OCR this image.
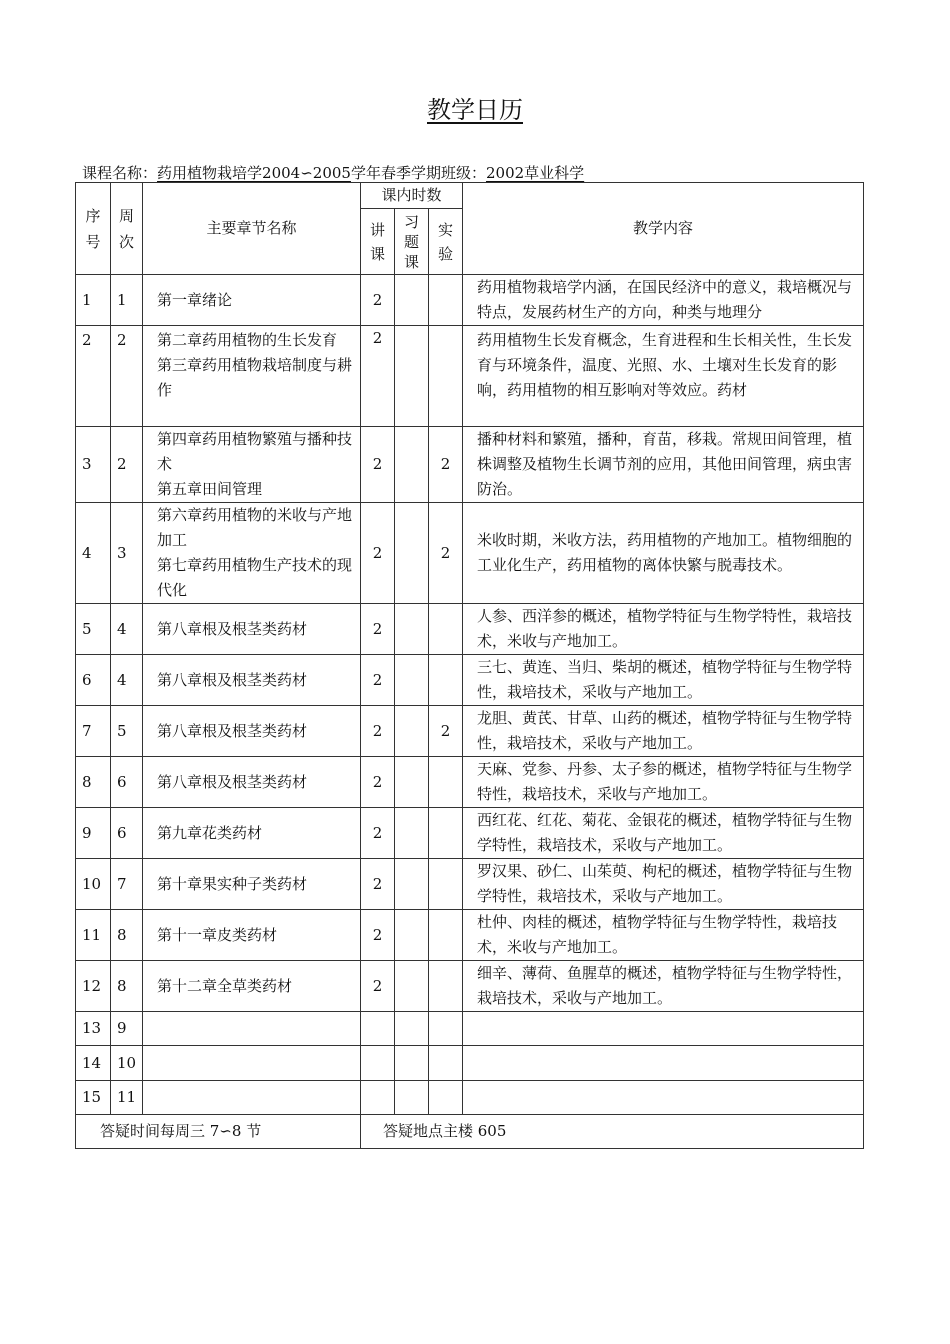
教学日历
课程名称：药用植物栽培学2004∽2005学年春季学期班级：2002草业科学
序号	周次	主要章节名称	课内时数			教学内容

			讲课	习题课	实验	

1	1	第一章绪论	2			药用植物栽培学内涵，在国民经济中的意义，栽培概况与特点，发展药材生产的方向，种类与地理分
2	2	第二章药用植物的生长发育
第三章药用植物栽培制度与耕作	2			药用植物生长发育概念，生育进程和生长相关性，生长发育与环境条件，温度、光照、水、土壤对生长发育的影响，药用植物的相互影响对等效应。药材
3	2	第四章药用植物繁殖与播种技术
第五章田间管理	2		2	播种材料和繁殖，播种，育苗，移栽。常规田间管理，植株调整及植物生长调节剂的应用，其他田间管理，病虫害防治。
4	3	第六章药用植物的米收与产地加工
第七章药用植物生产技术的现代化	2		2	米收时期，米收方法，药用植物的产地加工。植物细胞的工业化生产，药用植物的离体快繁与脱毒技术。
5	4	第八章根及根茎类药材	2			人参、西洋参的概述，植物学特征与生物学特性，栽培技术，米收与产地加工。
6	4	第八章根及根茎类药材	2			三七、黄连、当归、柴胡的概述，植物学特征与生物学特性，栽培技术，采收与产地加工。
7	5	第八章根及根茎类药材	2		2	龙胆、黄芪、甘草、山药的概述，植物学特征与生物学特性，栽培技术，采收与产地加工。
8	6	第八章根及根茎类药材	2			天麻、党参、丹参、太子参的概述，植物学特征与生物学特性，栽培技术，采收与产地加工。
9	6	第九章花类药材	2			西红花、红花、菊花、金银花的概述，植物学特征与生物学特性，栽培技术，采收与产地加工。
10	7	第十章果实种子类药材	2			罗汉果、砂仁、山茱萸、枸杞的概述，植物学特征与生物学特性，栽培技术，采收与产地加工。
11	8	第十一章皮类药材	2			杜仲、肉桂的概述，植物学特征与生物学特性，栽培技术，米收与产地加工。
12	8	第十二章全草类药材	2			细辛、薄荷、鱼腥草的概述，植物学特征与生物学特性，栽培技术，采收与产地加工。
13	9					
14	10					
15	11					
答疑时间每周三 7∽8 节			答疑地点主楼 605			
